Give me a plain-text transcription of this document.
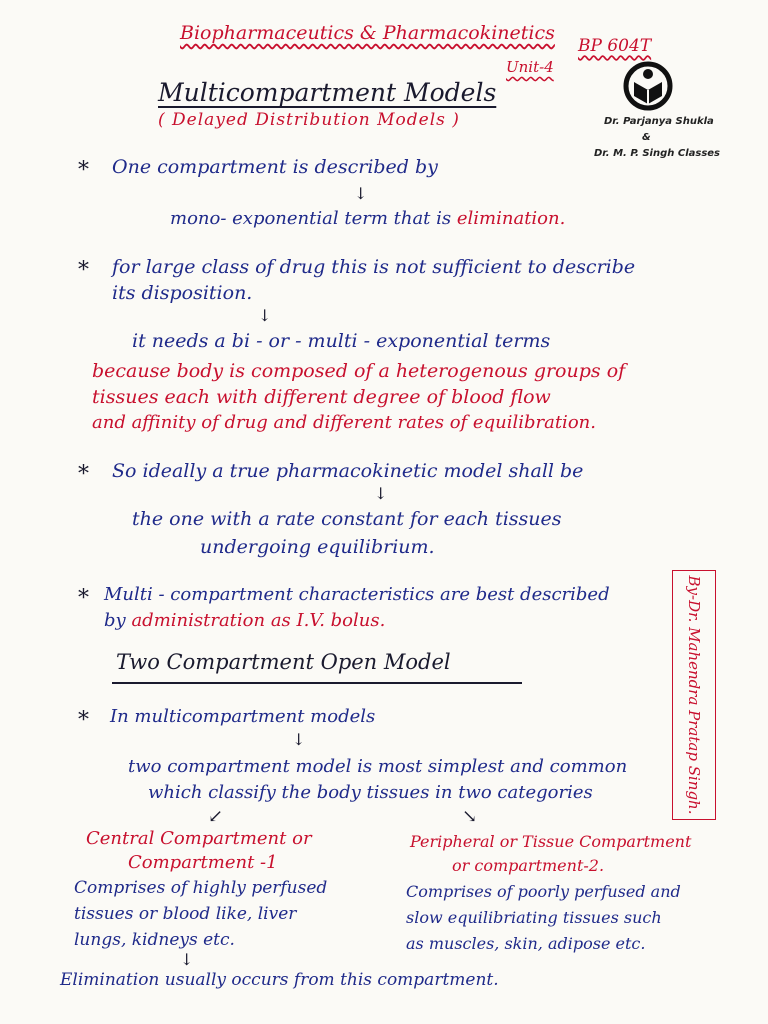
Biopharmaceutics & Pharmacokinetics
BP 604T
Unit-4
Multicompartment Models
( Delayed Distribution Models )	Dr. Parjanya Shukla
&
Dr. M. P. Singh Classes
* One compartment is described by
↓
mono- exponential term that is elimination.
* for large class of drug this is not sufficient to describe
its disposition.
↓
it needs a bi - or - multi - exponential terms
because body is composed of a heterogenous groups of
tissues each with different degree of blood flow
and affinity of drug and different rates of equilibration.
* So ideally a true pharmacokinetic model shall be
↓
the one with a rate constant for each tissues
undergoing equilibrium.
* Multi - compartment characteristics are best described
by administration as I.V. bolus.	By-Dr. Mahendra Pratap Singh.
Two Compartment Open Model
* In multicompartment models
↓
two compartment model is most simplest and common
which classify the body tissues in two categories
↙	↘
Central Compartment or
Compartment -1
Comprises of highly perfused
tissues or blood like, liver
lungs, kidneys etc.
↓
Peripheral or Tissue Compartment
or compartment-2.
Comprises of poorly perfused and
slow equilibriating tissues such
as muscles, skin, adipose etc.
Elimination usually occurs from this compartment.
